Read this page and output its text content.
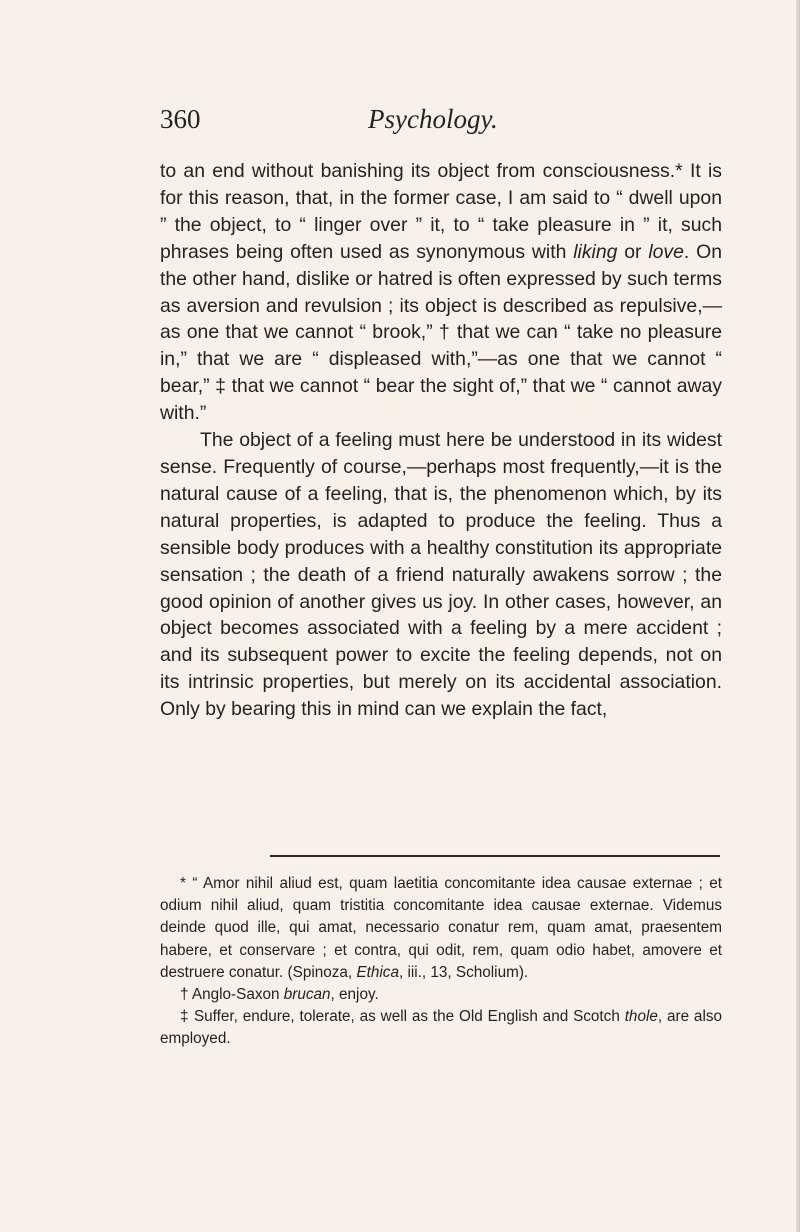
360	Psychology.

to an end without banishing its object from consciousness.* It is for this reason, that, in the former case, I am said to “ dwell upon ” the object, to “ linger over ” it, to “ take pleasure in ” it, such phrases being often used as synonymous with liking or love. On the other hand, dislike or hatred is often expressed by such terms as aversion and revulsion ; its object is described as repulsive,—as one that we cannot “ brook,” † that we can “ take no pleasure in,” that we are “ displeased with,”—as one that we cannot “ bear,” ‡ that we cannot “ bear the sight of,” that we “ cannot away with.”

The object of a feeling must here be understood in its widest sense. Frequently of course,—perhaps most frequently,—it is the natural cause of a feeling, that is, the phenomenon which, by its natural properties, is adapted to produce the feeling. Thus a sensible body produces with a healthy constitution its appropriate sensation ; the death of a friend naturally awakens sorrow ; the good opinion of another gives us joy. In other cases, however, an object becomes associated with a feeling by a mere accident ; and its subsequent power to excite the feeling depends, not on its intrinsic properties, but merely on its accidental association. Only by bearing this in mind can we explain the fact,

* “ Amor nihil aliud est, quam laetitia concomitante idea causae externae ; et odium nihil aliud, quam tristitia concomitante idea causae externae. Videmus deinde quod ille, qui amat, necessario conatur rem, quam amat, praesentem habere, et conservare ; et contra, qui odit, rem, quam odio habet, amovere et destruere conatur. (Spinoza, Ethica, iii., 13, Scholium).

† Anglo-Saxon brucan, enjoy.

‡ Suffer, endure, tolerate, as well as the Old English and Scotch thole, are also employed.
